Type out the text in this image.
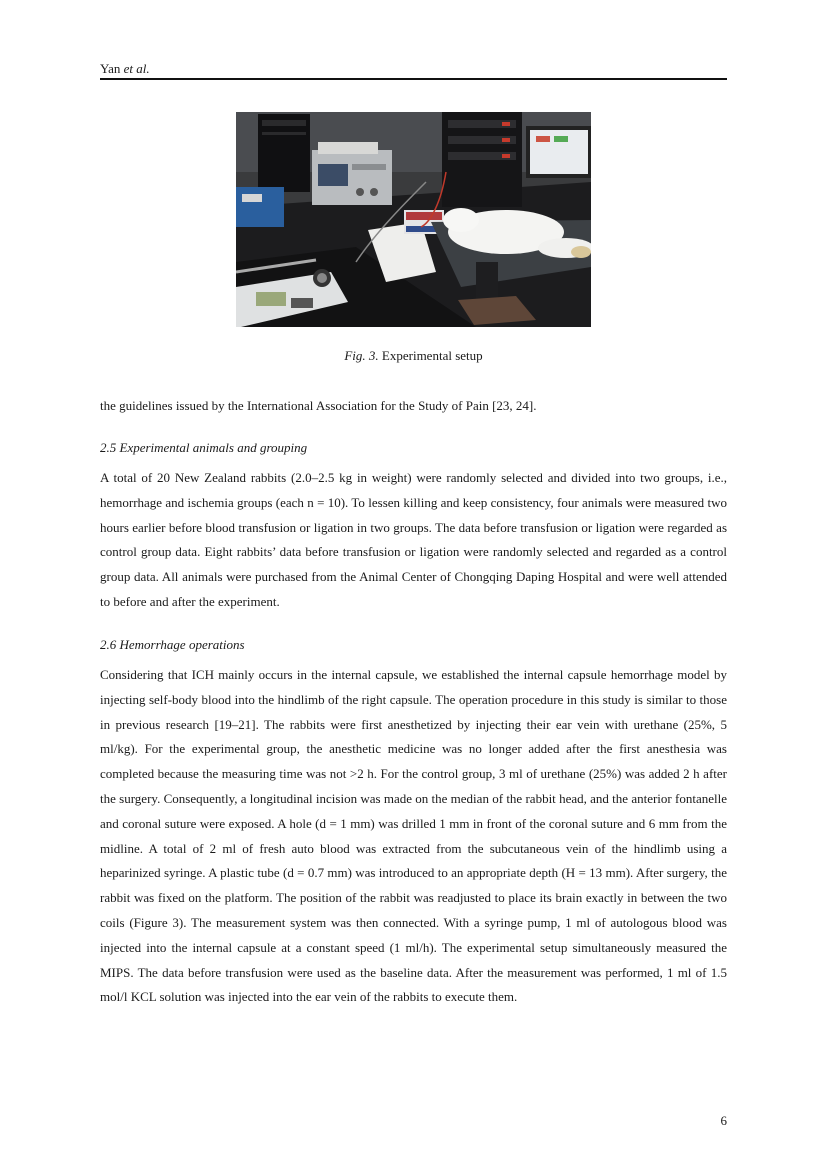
Yan et al.
Fig. 3. Experimental setup

the guidelines issued by the International Association for the Study of Pain [23, 24].

2.5 Experimental animals and grouping

A total of 20 New Zealand rabbits (2.0–2.5 kg in weight) were randomly selected and divided into two groups, i.e., hemorrhage and ischemia groups (each n = 10). To lessen killing and keep consistency, four animals were measured two hours earlier before blood transfusion or ligation in two groups. The data before transfusion or ligation were regarded as control group data. Eight rabbits’ data before transfusion or ligation were randomly selected and regarded as a control group data. All animals were purchased from the Animal Center of Chongqing Daping Hospital and were well attended to before and after the experiment.

2.6 Hemorrhage operations

Considering that ICH mainly occurs in the internal capsule, we established the internal capsule hemorrhage model by injecting self-body blood into the hindlimb of the right capsule. The operation procedure in this study is similar to those in previous research [19–21]. The rabbits were first anesthetized by injecting their ear vein with urethane (25%, 5 ml/kg). For the experimental group, the anesthetic medicine was no longer added after the first anesthesia was completed because the measuring time was not >2 h. For the control group, 3 ml of urethane (25%) was added 2 h after the surgery. Consequently, a longitudinal incision was made on the median of the rabbit head, and the anterior fontanelle and coronal suture were exposed. A hole (d = 1 mm) was drilled 1 mm in front of the coronal suture and 6 mm from the midline. A total of 2 ml of fresh auto blood was extracted from the subcutaneous vein of the hindlimb using a heparinized syringe. A plastic tube (d = 0.7 mm) was introduced to an appropriate depth (H = 13 mm). After surgery, the rabbit was fixed on the platform. The position of the rabbit was readjusted to place its brain exactly in between the two coils (Figure 3). The measurement system was then connected. With a syringe pump, 1 ml of autologous blood was injected into the internal capsule at a constant speed (1 ml/h). The experimental setup simultaneously measured the MIPS. The data before transfusion were used as the baseline data. After the measurement was performed, 1 ml of 1.5 mol/l KCL solution was injected into the ear vein of the rabbits to execute them.

6
